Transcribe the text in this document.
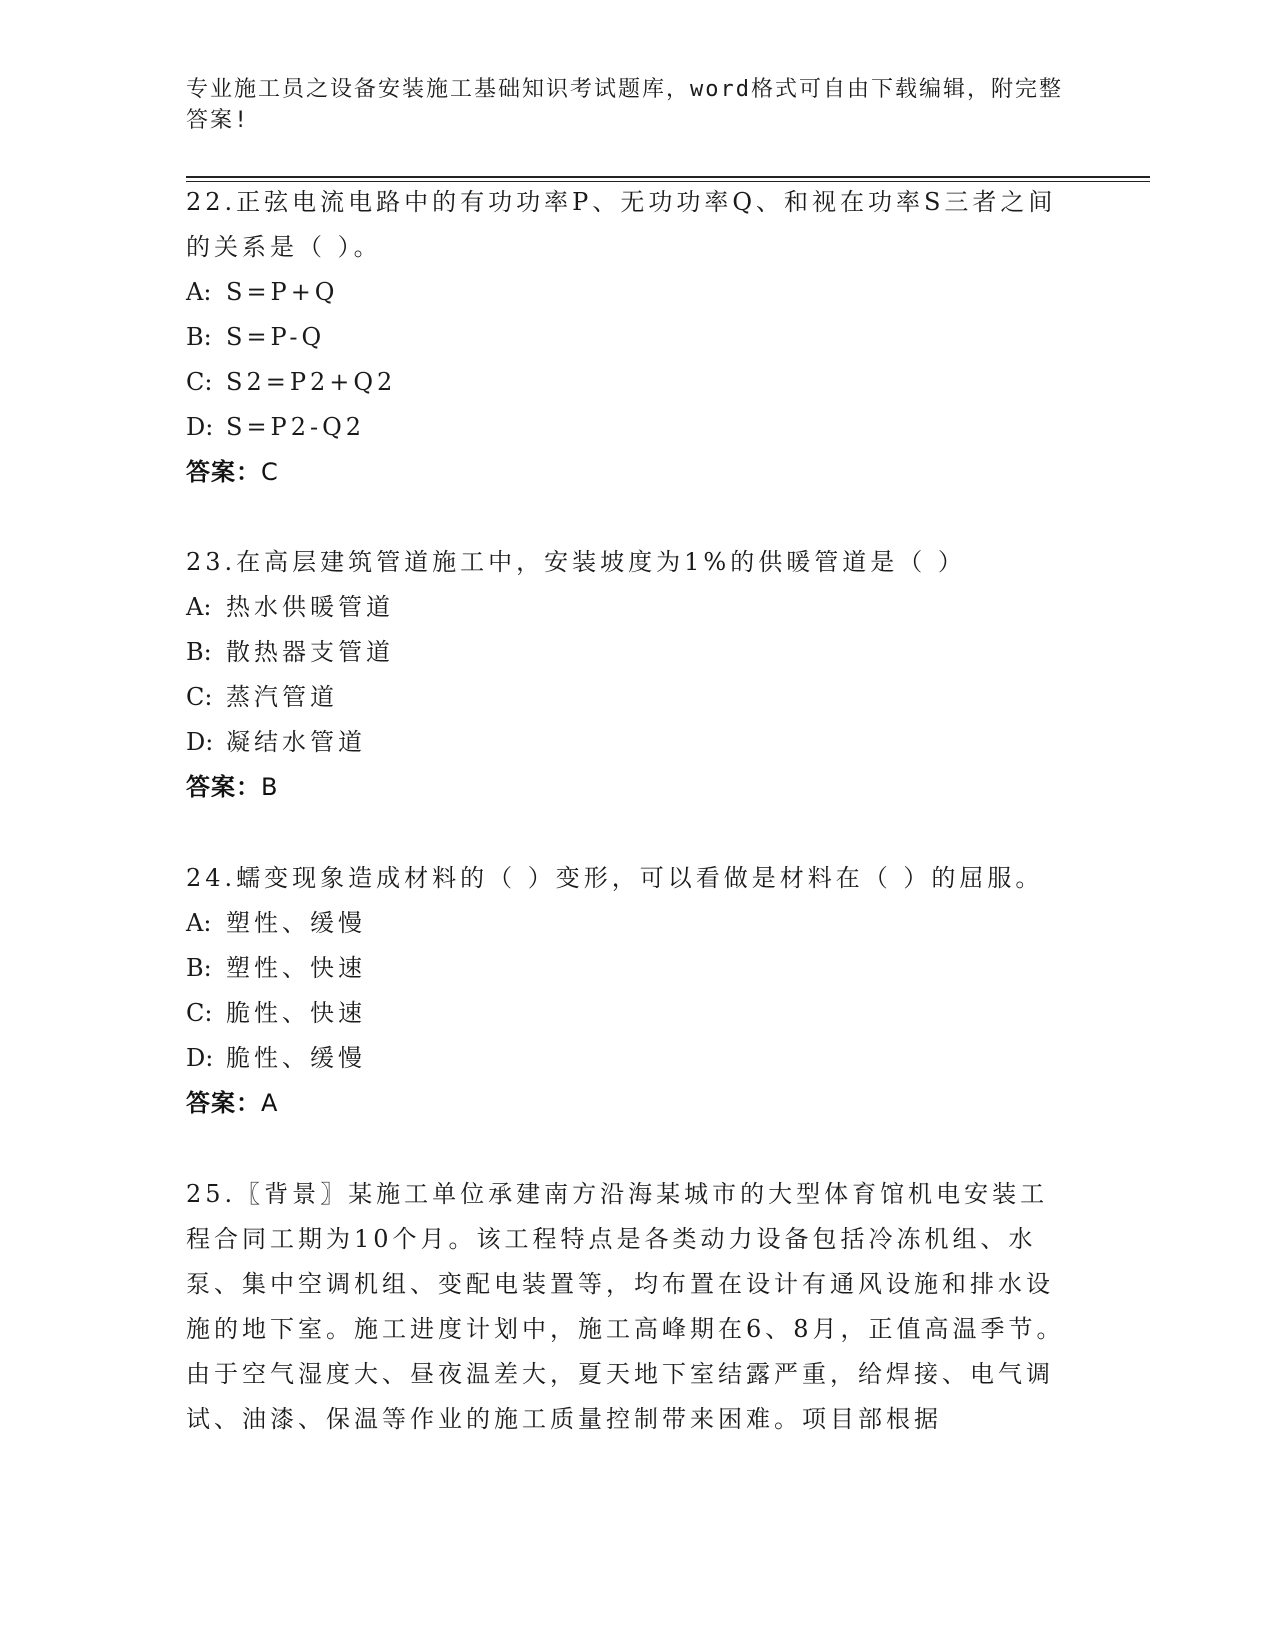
专业施工员之设备安装施工基础知识考试题库，word格式可自由下载编辑，附完整答案!

22.正弦电流电路中的有功功率P、无功功率Q、和视在功率S三者之间的关系是（ ）。

A: S=P+Q

B: S=P-Q

C: S2=P2+Q2

D: S=P2-Q2

答案：C

23.在高层建筑管道施工中，安装坡度为1%的供暖管道是（ ）

A: 热水供暖管道

B: 散热器支管道

C: 蒸汽管道

D: 凝结水管道

答案：B

24.蠕变现象造成材料的（ ）变形，可以看做是材料在（ ）的屈服。

A: 塑性、缓慢

B: 塑性、快速

C: 脆性、快速

D: 脆性、缓慢

答案：A

25.〖背景〗某施工单位承建南方沿海某城市的大型体育馆机电安装工程合同工期为10个月。该工程特点是各类动力设备包括冷冻机组、水泵、集中空调机组、变配电装置等，均布置在设计有通风设施和排水设施的地下室。施工进度计划中，施工高峰期在6、8月，正值高温季节。由于空气湿度大、昼夜温差大，夏天地下室结露严重，给焊接、电气调试、油漆、保温等作业的施工质量控制带来困难。项目部根据
